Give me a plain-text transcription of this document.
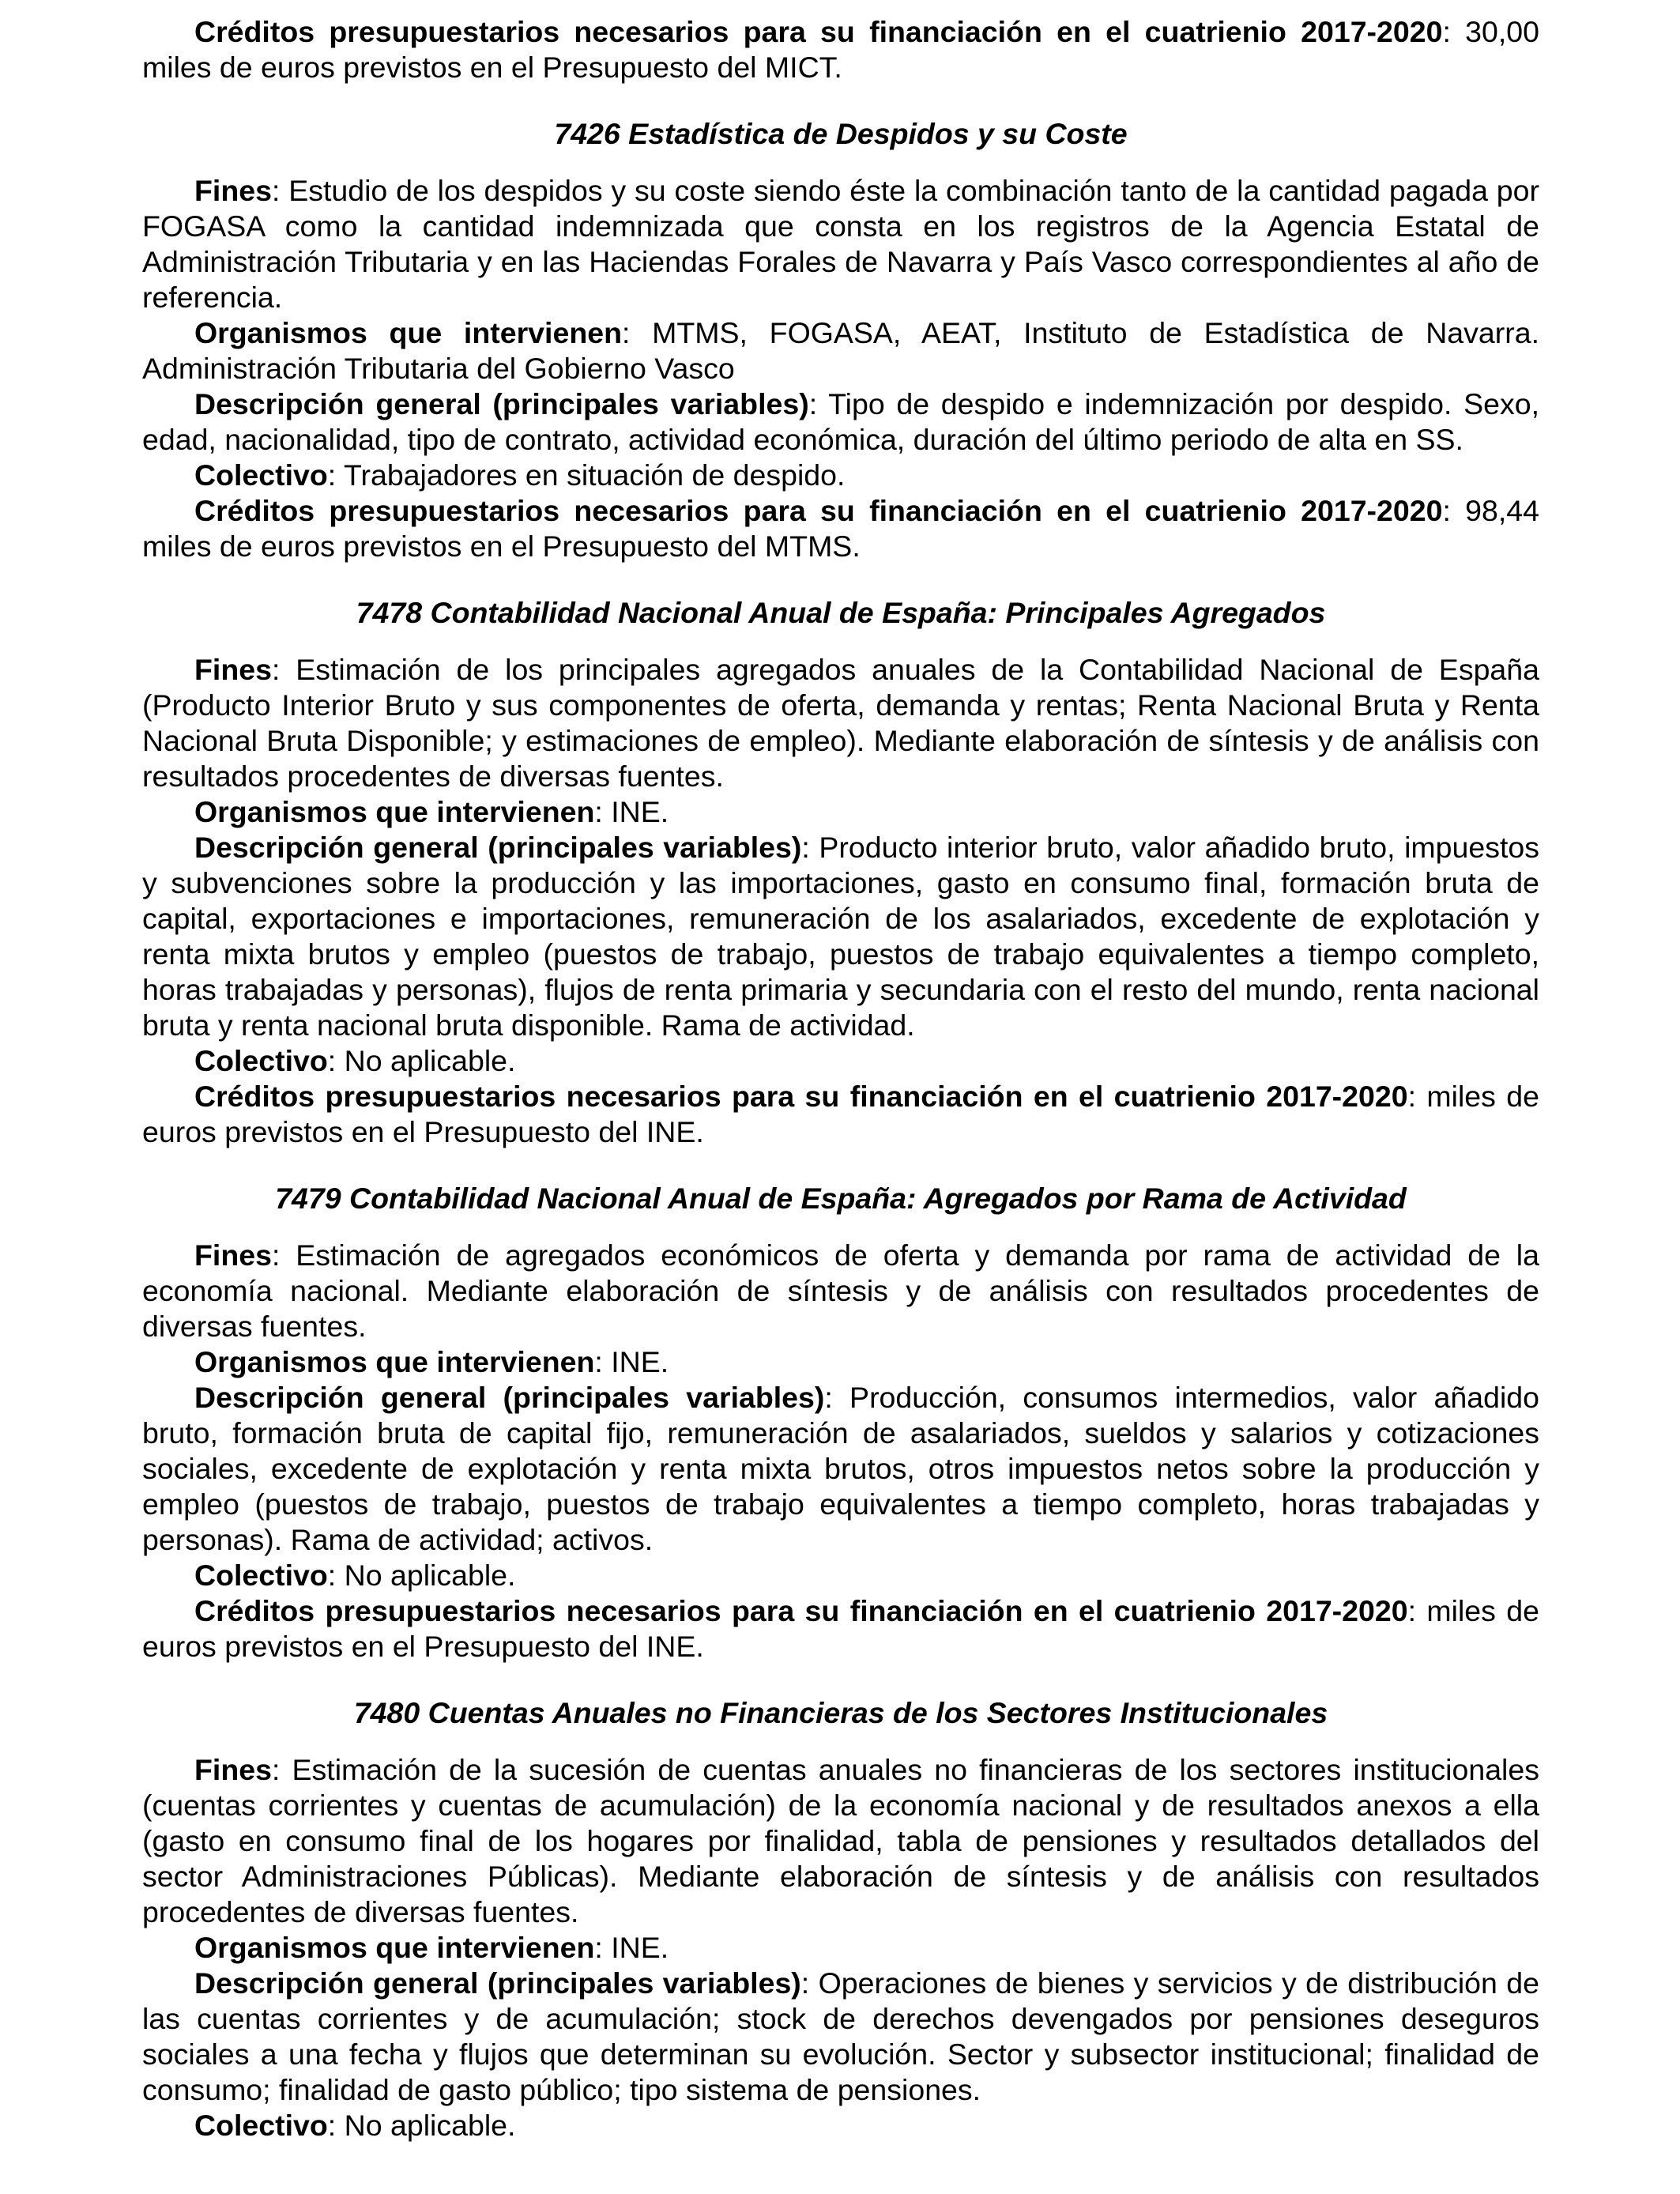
Créditos presupuestarios necesarios para su financiación en el cuatrienio 2017-2020: 30,00 miles de euros previstos en el Presupuesto del MICT.

7426 Estadística de Despidos y su Coste

Fines: Estudio de los despidos y su coste siendo éste la combinación tanto de la cantidad pagada por FOGASA como la cantidad indemnizada que consta en los registros de la Agencia Estatal de Administración Tributaria y en las Haciendas Forales de Navarra y País Vasco correspondientes al año de referencia.

Organismos que intervienen: MTMS, FOGASA, AEAT, Instituto de Estadística de Navarra. Administración Tributaria del Gobierno Vasco

Descripción general (principales variables): Tipo de despido e indemnización por despido. Sexo, edad, nacionalidad, tipo de contrato, actividad económica, duración del último periodo de alta en SS.

Colectivo: Trabajadores en situación de despido.

Créditos presupuestarios necesarios para su financiación en el cuatrienio 2017-2020: 98,44 miles de euros previstos en el Presupuesto del MTMS.

7478 Contabilidad Nacional Anual de España: Principales Agregados

Fines: Estimación de los principales agregados anuales de la Contabilidad Nacional de España (Producto Interior Bruto y sus componentes de oferta, demanda y rentas; Renta Nacional Bruta y Renta Nacional Bruta Disponible; y estimaciones de empleo). Mediante elaboración de síntesis y de análisis con resultados procedentes de diversas fuentes.

Organismos que intervienen: INE.

Descripción general (principales variables): Producto interior bruto, valor añadido bruto, impuestos y subvenciones sobre la producción y las importaciones, gasto en consumo final, formación bruta de capital, exportaciones e importaciones, remuneración de los asalariados, excedente de explotación y renta mixta brutos y empleo (puestos de trabajo, puestos de trabajo equivalentes a tiempo completo, horas trabajadas y personas), flujos de renta primaria y secundaria con el resto del mundo, renta nacional bruta y renta nacional bruta disponible. Rama de actividad.

Colectivo: No aplicable.

Créditos presupuestarios necesarios para su financiación en el cuatrienio 2017-2020: miles de euros previstos en el Presupuesto del INE.

7479 Contabilidad Nacional Anual de España: Agregados por Rama de Actividad

Fines: Estimación de agregados económicos de oferta y demanda por rama de actividad de la economía nacional. Mediante elaboración de síntesis y de análisis con resultados procedentes de diversas fuentes.

Organismos que intervienen: INE.

Descripción general (principales variables): Producción, consumos intermedios, valor añadido bruto, formación bruta de capital fijo, remuneración de asalariados, sueldos y salarios y cotizaciones sociales, excedente de explotación y renta mixta brutos, otros impuestos netos sobre la producción y empleo (puestos de trabajo, puestos de trabajo equivalentes a tiempo completo, horas trabajadas y personas). Rama de actividad; activos.

Colectivo: No aplicable.

Créditos presupuestarios necesarios para su financiación en el cuatrienio 2017-2020: miles de euros previstos en el Presupuesto del INE.

7480 Cuentas Anuales no Financieras de los Sectores Institucionales

Fines: Estimación de la sucesión de cuentas anuales no financieras de los sectores institucionales (cuentas corrientes y cuentas de acumulación) de la economía nacional y de resultados anexos a ella (gasto en consumo final de los hogares por finalidad, tabla de pensiones y resultados detallados del sector Administraciones Públicas). Mediante elaboración de síntesis y de análisis con resultados procedentes de diversas fuentes.

Organismos que intervienen: INE.

Descripción general (principales variables): Operaciones de bienes y servicios y de distribución de las cuentas corrientes y de acumulación; stock de derechos devengados por pensiones deseguros sociales a una fecha y flujos que determinan su evolución. Sector y subsector institucional; finalidad de consumo; finalidad de gasto público; tipo sistema de pensiones.

Colectivo: No aplicable.
